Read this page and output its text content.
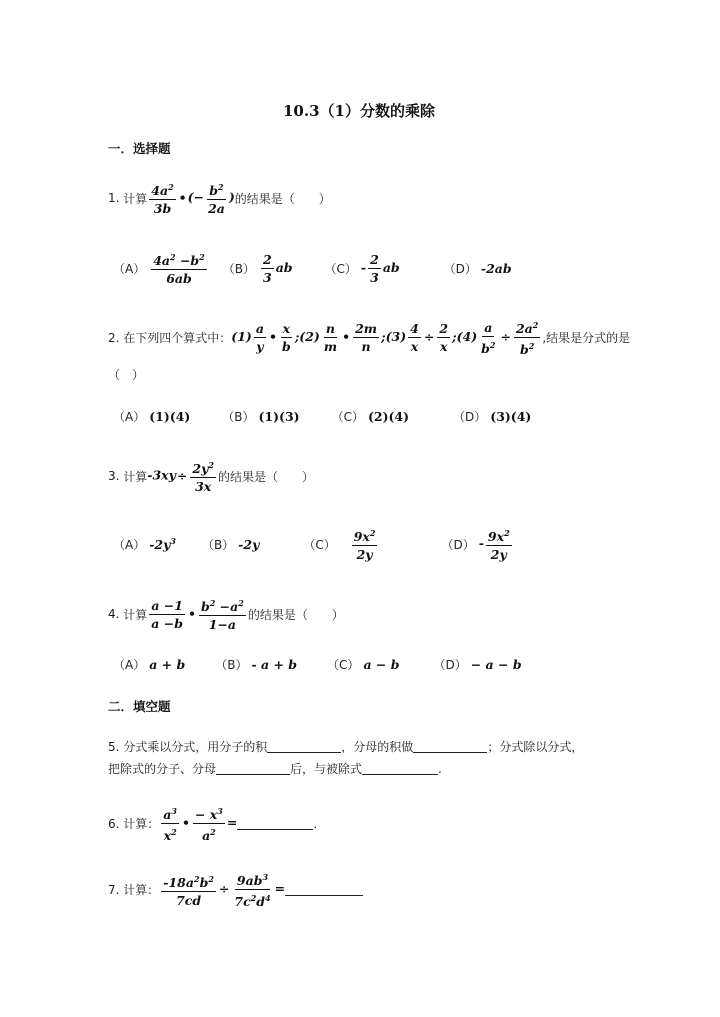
10.3（1）分数的乘除
一．选择题
1.
计算 $\frac{4a^2}{3b}$ •(− $\frac{b^2}{2a}$ ) 的结果是（　　）
$(A) \frac{4a^2 -b^2}{6ab} (B) \frac{2}{3}$ ab	$(C) - \frac{2}{3}$ ab	（D） -2ab
2.
在下列四个算式中： $(1) \frac{a}{y}$ • $\frac{x}{b}$ ;(2) $\frac{n}{m}$ • $\frac{2m}{n}$ ;(3) $\frac{4}{x} \div \frac{2}{x}$ ;(4) $\frac{a}{b^2} \div \frac{2a^2}{b^2}$ ,结果是分式的是
（　）
（A） (1)(4)	（B） (1)(3)	（C） (2)(4)	（D） (3)(4)
3.
计算 $-3xy\div \frac{2y^2}{3x}$ 的结果是（　　）
（A） $-2y^3$ （B） -2y	$(C) \frac{9x^2}{2y}$	$(D) - \frac{9x^2}{2y}$
4.
计算 $\frac{a -1}{a -b}$ • $\frac{b^2 -a^2}{1-a}$ 的结果是（　　）
（A） a + b	（B） - a + b	（C） a − b	（D） − a − b
二．填空题
5.
分式乘以分式，用分子的积	，分母的积做	；分式除以分式，
把除式的分子、分母	后，与被除式	.
6.
计算： $\frac{a^3}{x^2}$ • $\frac{- x^3}{a^2}$ =	.
7.
计算： $\frac{-18a^2b^2}{7cd} \div \frac{9ab^3}{7c^2d^4}$ =
